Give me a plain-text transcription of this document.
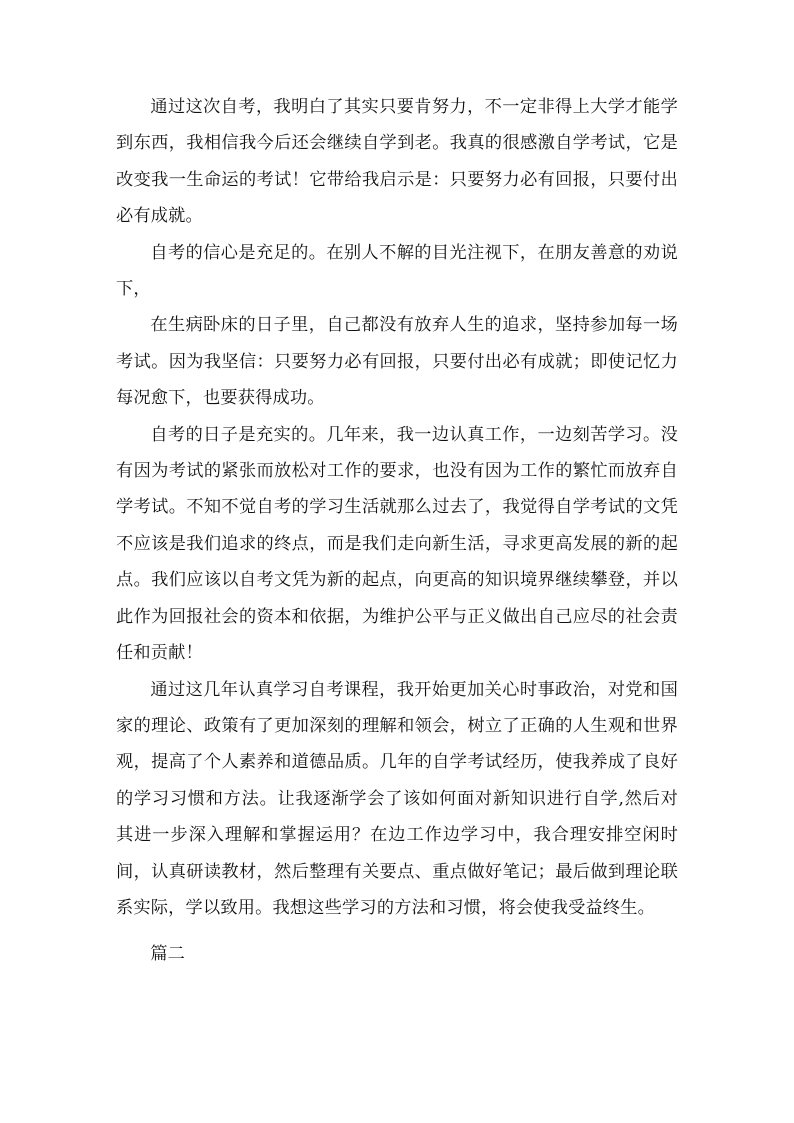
通过这次自考，我明白了其实只要肯努力，不一定非得上大学才能学到东西，我相信我今后还会继续自学到老。我真的很感激自学考试，它是改变我一生命运的考试！它带给我启示是：只要努力必有回报，只要付出必有成就。

自考的信心是充足的。在别人不解的目光注视下，在朋友善意的劝说下，

在生病卧床的日子里，自己都没有放弃人生的追求，坚持参加每一场考试。因为我坚信：只要努力必有回报，只要付出必有成就；即使记忆力每况愈下，也要获得成功。

自考的日子是充实的。几年来，我一边认真工作，一边刻苦学习。没有因为考试的紧张而放松对工作的要求，也没有因为工作的繁忙而放弃自学考试。不知不觉自考的学习生活就那么过去了，我觉得自学考试的文凭不应该是我们追求的终点，而是我们走向新生活，寻求更高发展的新的起点。我们应该以自考文凭为新的起点，向更高的知识境界继续攀登，并以此作为回报社会的资本和依据，为维护公平与正义做出自己应尽的社会责任和贡献！

通过这几年认真学习自考课程，我开始更加关心时事政治，对党和国家的理论、政策有了更加深刻的理解和领会，树立了正确的人生观和世界观，提高了个人素养和道德品质。几年的自学考试经历，使我养成了良好的学习习惯和方法。让我逐渐学会了该如何面对新知识进行自学,然后对其进一步深入理解和掌握运用？在边工作边学习中，我合理安排空闲时间，认真研读教材，然后整理有关要点、重点做好笔记；最后做到理论联系实际，学以致用。我想这些学习的方法和习惯，将会使我受益终生。

篇二
